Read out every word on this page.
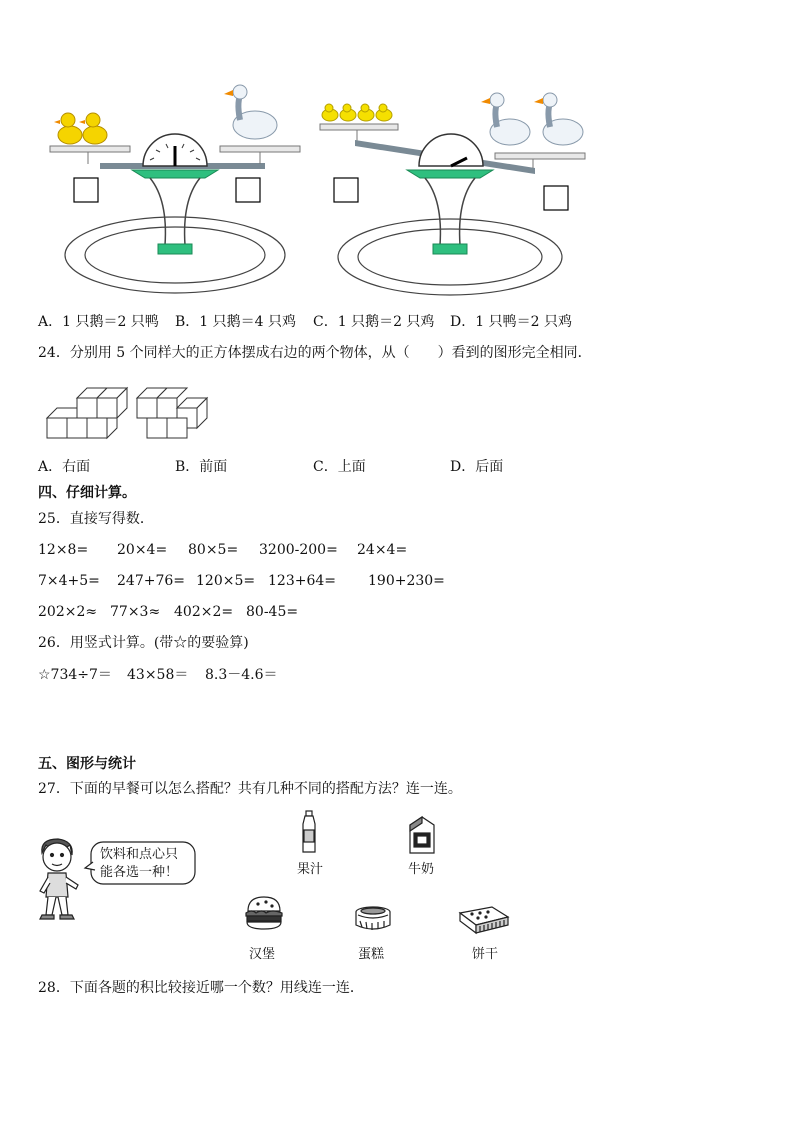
A．1 只鹅＝2 只鸭 B．1 只鹅＝4 只鸡 C．1 只鹅＝2 只鸡 D．1 只鸭＝2 只鸡
24．分别用 5 个同样大的正方体摆成右边的两个物体，从（　　）看到的图形完全相同．
A．右面	B．前面	C．上面	D．后面
四、仔细计算。
25．直接写得数．
12×8= 20×4= 80×5= 3200-200= 24×4=
7×4+5= 247+76= 120×5= 123+64= 190+230=
202×2≈ 77×3≈ 402×2= 80-45=
26．用竖式计算。(带☆的要验算)
☆734÷7＝ 43×58＝ 8.3－4.6＝
五、图形与统计
27．下面的早餐可以怎么搭配？共有几种不同的搭配方法？连一连。
饮料和点心只
能各选一种！	果汁	牛奶
汉堡	蛋糕	饼干
28．下面各题的积比较接近哪一个数？用线连一连．
